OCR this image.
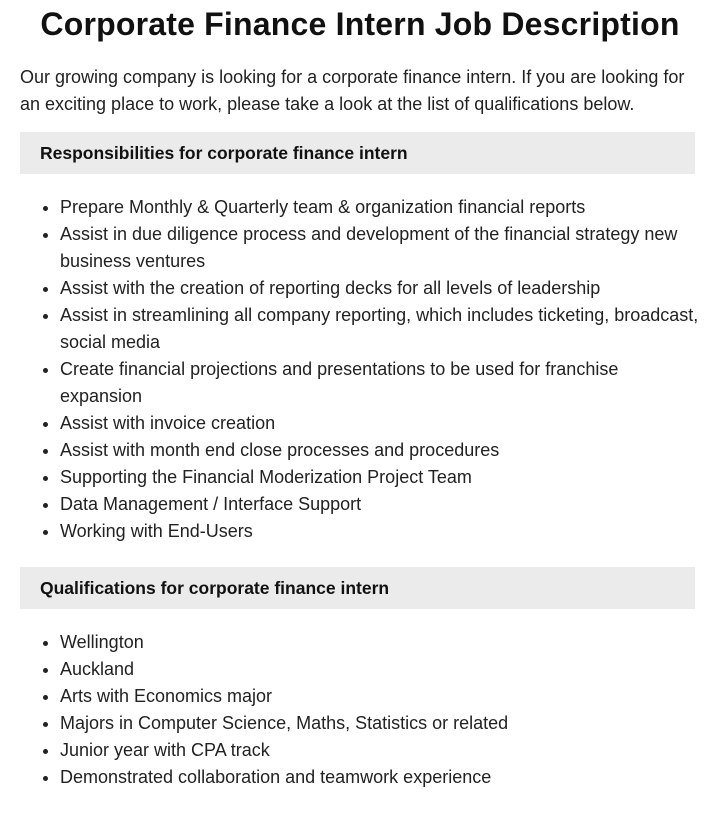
Corporate Finance Intern Job Description

Our growing company is looking for a corporate finance intern. If you are looking for an exciting place to work, please take a look at the list of qualifications below.

Responsibilities for corporate finance intern
• Prepare Monthly & Quarterly team & organization financial reports
• Assist in due diligence process and development of the financial strategy new business ventures
• Assist with the creation of reporting decks for all levels of leadership
• Assist in streamlining all company reporting, which includes ticketing, broadcast, social media
• Create financial projections and presentations to be used for franchise expansion
• Assist with invoice creation
• Assist with month end close processes and procedures
• Supporting the Financial Moderization Project Team
• Data Management / Interface Support
• Working with End-Users
Qualifications for corporate finance intern
• Wellington
• Auckland
• Arts with Economics major
• Majors in Computer Science, Maths, Statistics or related
• Junior year with CPA track
• Demonstrated collaboration and teamwork experience
